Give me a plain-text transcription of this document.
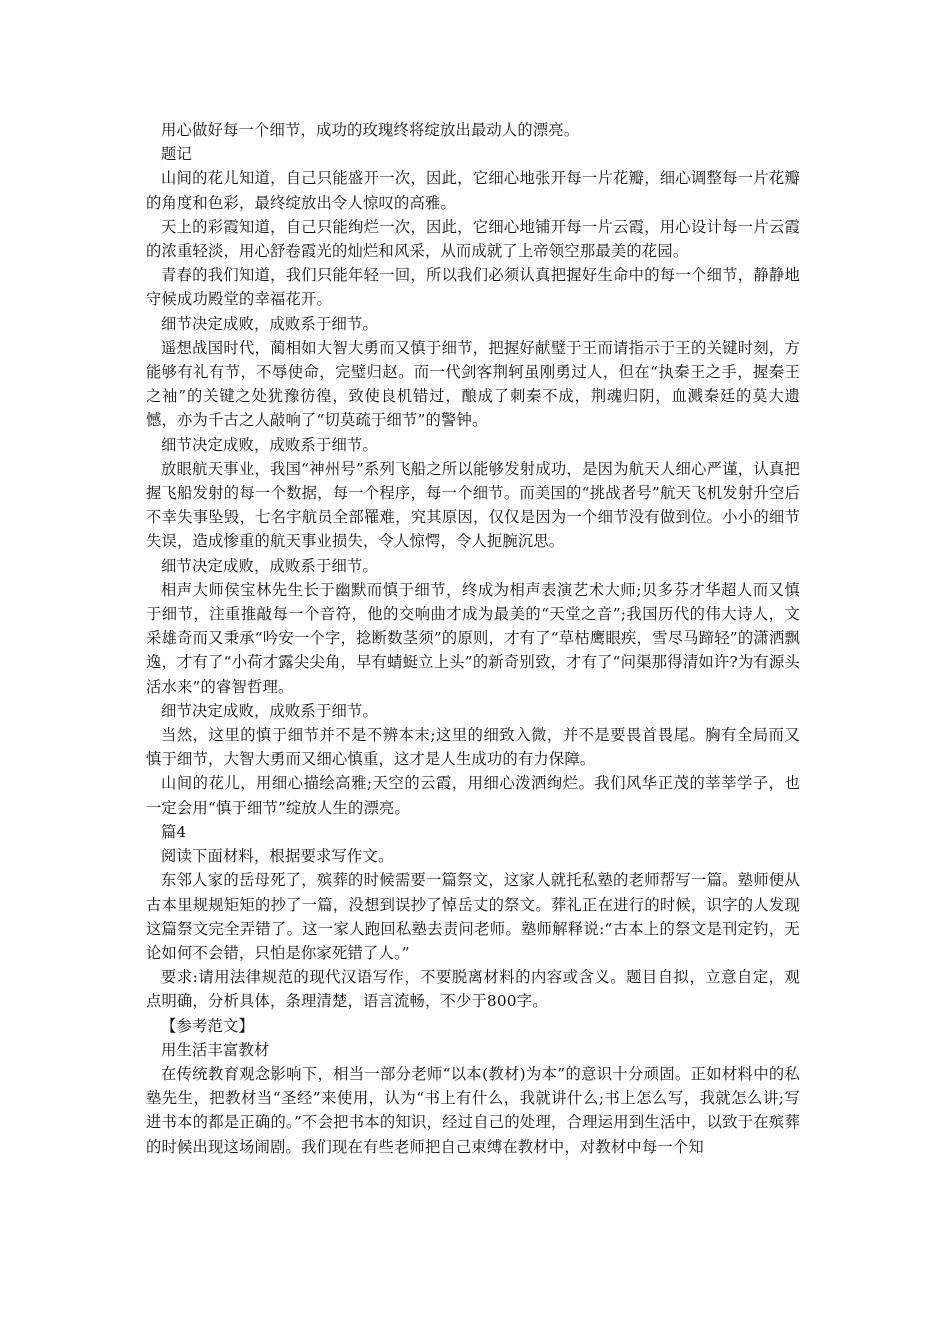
用心做好每一个细节，成功的玫瑰终将绽放出最动人的漂亮。

题记

山间的花儿知道，自己只能盛开一次，因此，它细心地张开每一片花瓣，细心调整每一片花瓣的角度和色彩，最终绽放出令人惊叹的高雅。

天上的彩霞知道，自己只能绚烂一次，因此，它细心地铺开每一片云霞，用心设计每一片云霞的浓重轻淡，用心舒卷霞光的灿烂和风采，从而成就了上帝领空那最美的花园。

青春的我们知道，我们只能年轻一回，所以我们必须认真把握好生命中的每一个细节，静静地守候成功殿堂的幸福花开。

细节决定成败，成败系于细节。

遥想战国时代，蔺相如大智大勇而又慎于细节，把握好献璧于王而请指示于王的关键时刻，方能够有礼有节，不辱使命，完璧归赵。而一代剑客荆轲虽刚勇过人，但在“执秦王之手，握秦王之袖”的关键之处犹豫彷徨，致使良机错过，酿成了刺秦不成，荆魂归阴，血溅秦廷的莫大遗憾，亦为千古之人敲响了“切莫疏于细节”的警钟。

细节决定成败，成败系于细节。

放眼航天事业，我国“神州号”系列飞船之所以能够发射成功，是因为航天人细心严谨，认真把握飞船发射的每一个数据，每一个程序，每一个细节。而美国的“挑战者号”航天飞机发射升空后不幸失事坠毁，七名宇航员全部罹难，究其原因，仅仅是因为一个细节没有做到位。小小的细节失误，造成惨重的航天事业损失，令人惊愕，令人扼腕沉思。

细节决定成败，成败系于细节。

相声大师侯宝林先生长于幽默而慎于细节，终成为相声表演艺术大师;贝多芬才华超人而又慎于细节，注重推敲每一个音符，他的交响曲才成为最美的“天堂之音”;我国历代的伟大诗人，文采雄奇而又秉承“吟安一个字，捻断数茎须”的原则，才有了“草枯鹰眼疾，雪尽马蹄轻”的潇洒飘逸，才有了“小荷才露尖尖角，早有蜻蜓立上头”的新奇别致，才有了“问渠那得清如许?为有源头活水来”的睿智哲理。

细节决定成败，成败系于细节。

当然，这里的慎于细节并不是不辨本末;这里的细致入微，并不是要畏首畏尾。胸有全局而又慎于细节，大智大勇而又细心慎重，这才是人生成功的有力保障。

山间的花儿，用细心描绘高雅;天空的云霞，用细心泼洒绚烂。我们风华正茂的莘莘学子，也一定会用“慎于细节”绽放人生的漂亮。

篇4

阅读下面材料，根据要求写作文。

东邻人家的岳母死了，殡葬的时候需要一篇祭文，这家人就托私塾的老师帮写一篇。塾师便从古本里规规矩矩的抄了一篇，没想到误抄了悼岳丈的祭文。葬礼正在进行的时候，识字的人发现这篇祭文完全弄错了。这一家人跑回私塾去责问老师。塾师解释说:“古本上的祭文是刊定钓，无论如何不会错，只怕是你家死错了人。”

要求:请用法律规范的现代汉语写作，不要脱离材料的内容或含义。题目自拟，立意自定，观点明确，分析具体，条理清楚，语言流畅，不少于800字。

【参考范文】

用生活丰富教材

在传统教育观念影响下，相当一部分老师“以本(教材)为本”的意识十分顽固。正如材料中的私塾先生，把教材当“圣经”来使用，认为“书上有什么，我就讲什么;书上怎么写，我就怎么讲;写进书本的都是正确的。”不会把书本的知识，经过自己的处理，合理运用到生活中，以致于在殡葬的时候出现这场闹剧。我们现在有些老师把自己束缚在教材中，对教材中每一个知
